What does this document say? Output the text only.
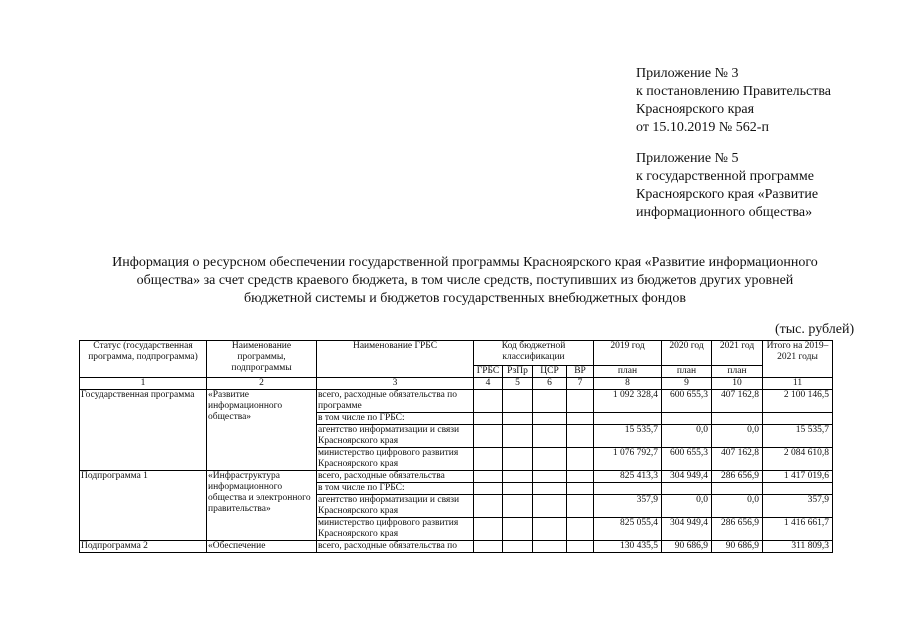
Приложение № 3
к постановлению Правительства
Красноярского края
от 15.10.2019 № 562-п
Приложение № 5
к государственной программе
Красноярского края «Развитие
информационного общества»
Информация о ресурсном обеспечении государственной программы Красноярского края «Развитие информационного
общества» за счет средств краевого бюджета, в том числе средств, поступивших из бюджетов других уровней
бюджетной системы и бюджетов государственных внебюджетных фондов
(тыс. рублей)
Статус (государственная программа, подпрограмма)	Наименование программы, подпрограммы	Наименование ГРБС	Код бюджетной классификации				2019 год	2020 год	2021 год	Итого на 2019–2021 годы
			ГРБС	РзПр	ЦСР	ВР	план	план	план	
1	2	3	4	5	6	7	8	9	10	11
Государственная программа	«Развитие информационного общества»	всего, расходные обязательства по программе					1 092 328,4	600 655,3	407 162,8	2 100 146,5
		в том числе по ГРБС:								
		агентство информатизации и связи Красноярского края					15 535,7	0,0	0,0	15 535,7
		министерство цифрового развития Красноярского края					1 076 792,7	600 655,3	407 162,8	2 084 610,8
Подпрограмма 1	«Инфраструктура информационного общества и электронного правительства»	всего, расходные обязательства					825 413,3	304 949,4	286 656,9	1 417 019,6
		в том числе по ГРБС:								
		агентство информатизации и связи Красноярского края					357,9	0,0	0,0	357,9
		министерство цифрового развития Красноярского края					825 055,4	304 949,4	286 656,9	1 416 661,7
Подпрограмма 2	«Обеспечение	всего, расходные обязательства по					130 435,5	90 686,9	90 686,9	311 809,3
